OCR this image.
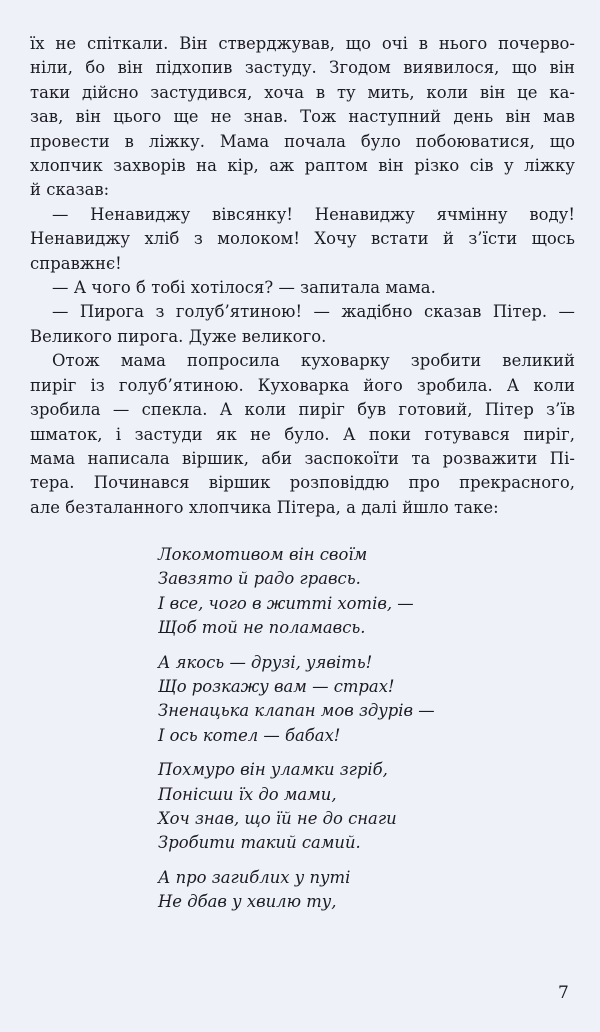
їх не спіткали. Він стверджував, що очі в нього почерво-
ніли, бо він підхопив застуду. Згодом виявилося, що він
таки дійсно застудився, хоча в ту мить, коли він це ка-
зав, він цього ще не знав. Тож наступний день він мав
провести в ліжку. Мама почала було побоюватися, що
хлопчик захворів на кір, аж раптом він різко сів у ліжку
й сказав:

— Ненавиджу вівсянку! Ненавиджу ячмінну воду!
Ненавиджу хліб з молоком! Хочу встати й з’їсти щось
справжнє!

— А чого б тобі хотілося? — запитала мама.

— Пирога з голуб’ятиною! — жадібно сказав Пітер. —
Великого пирога. Дуже великого.

Отож мама попросила куховарку зробити великий
пиріг із голуб’ятиною. Куховарка його зробила. А коли
зробила — спекла. А коли пиріг був готовий, Пітер з’їв
шматок, і застуди як не було. А поки готувався пиріг,
мама написала віршик, аби заспокоїти та розважити Пі-
тера. Починався віршик розповіддю про прекрасного,
але безталанного хлопчика Пітера, а далі йшло таке:

Локомотивом він своїм
Завзято й радо гравсь.
І все, чого в житті хотів, —
Щоб той не поламавсь.
А якось — друзі, уявіть!
Що розкажу вам — страх!
Зненацька клапан мов здурів —
І ось котел — бабах!
Похмуро він уламки згріб,
Понісши їх до мами,
Хоч знав, що їй не до снаги
Зробити такий самий.
А про загиблих у путі
Не дбав у хвилю ту,
7
